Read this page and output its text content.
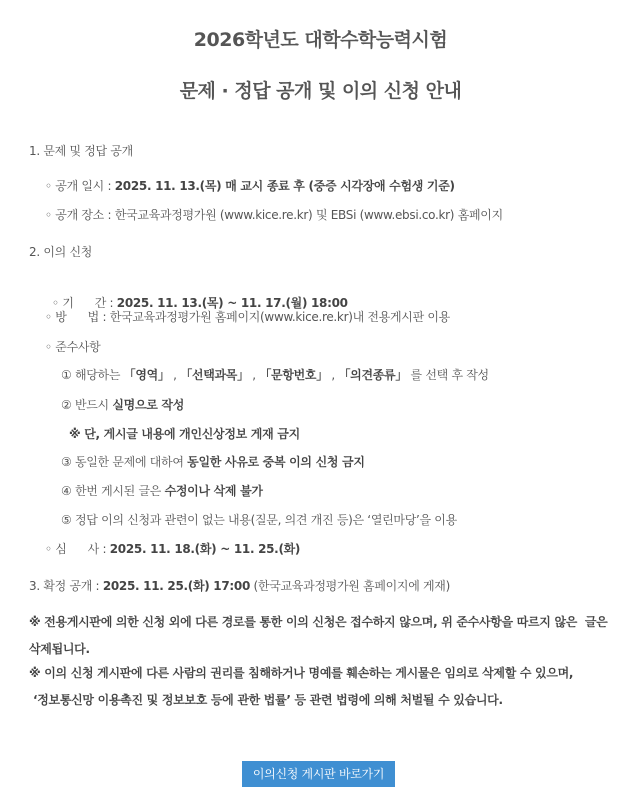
2026학년도 대학수학능력시험
문제 · 정답 공개 및 이의 신청 안내
1. 문제 및 정답 공개
◦ 공개 일시 : 2025. 11. 13.(목) 매 교시 종료 후 (중증 시각장애 수험생 기준)
◦ 공개 장소 : 한국교육과정평가원 (www.kice.re.kr) 및 EBSi (www.ebsi.co.kr) 홈페이지
2. 이의 신청

◦ 기      간 : 2025. 11. 13.(목) ~ 11. 17.(월) 18:00

◦ 방      법 : 한국교육과정평가원 홈페이지(www.kice.re.kr)내 전용게시판 이용
◦ 준수사항
① 해당하는 「영역」 , 「선택과목」 , 「문항번호」 , 「의견종류」 를 선택 후 작성
② 반드시 실명으로 작성
※ 단, 게시글 내용에 개인신상정보 게재 금지
③ 동일한 문제에 대하여 동일한 사유로 중복 이의 신청 금지
④ 한번 게시된 글은 수정이나 삭제 불가
⑤ 정답 이의 신청과 관련이 없는 내용(질문, 의견 개진 등)은 ‘열린마당’을 이용
◦ 심      사 : 2025. 11. 18.(화) ~ 11. 25.(화)
3. 확정 공개 : 2025. 11. 25.(화) 17:00 (한국교육과정평가원 홈페이지에 게재)
※ 전용게시판에 의한 신청 외에 다른 경로를 통한 이의 신청은 접수하지 않으며, 위 준수사항을 따르지 않은  글은
삭제됩니다.
※ 이의 신청 게시판에 다른 사람의 권리를 침해하거나 명예를 훼손하는 게시물은 임의로 삭제할 수 있으며,
‘정보통신망 이용촉진 및 정보보호 등에 관한 법률’ 등 관련 법령에 의해 처벌될 수 있습니다.
이의신청 게시판 바로가기
